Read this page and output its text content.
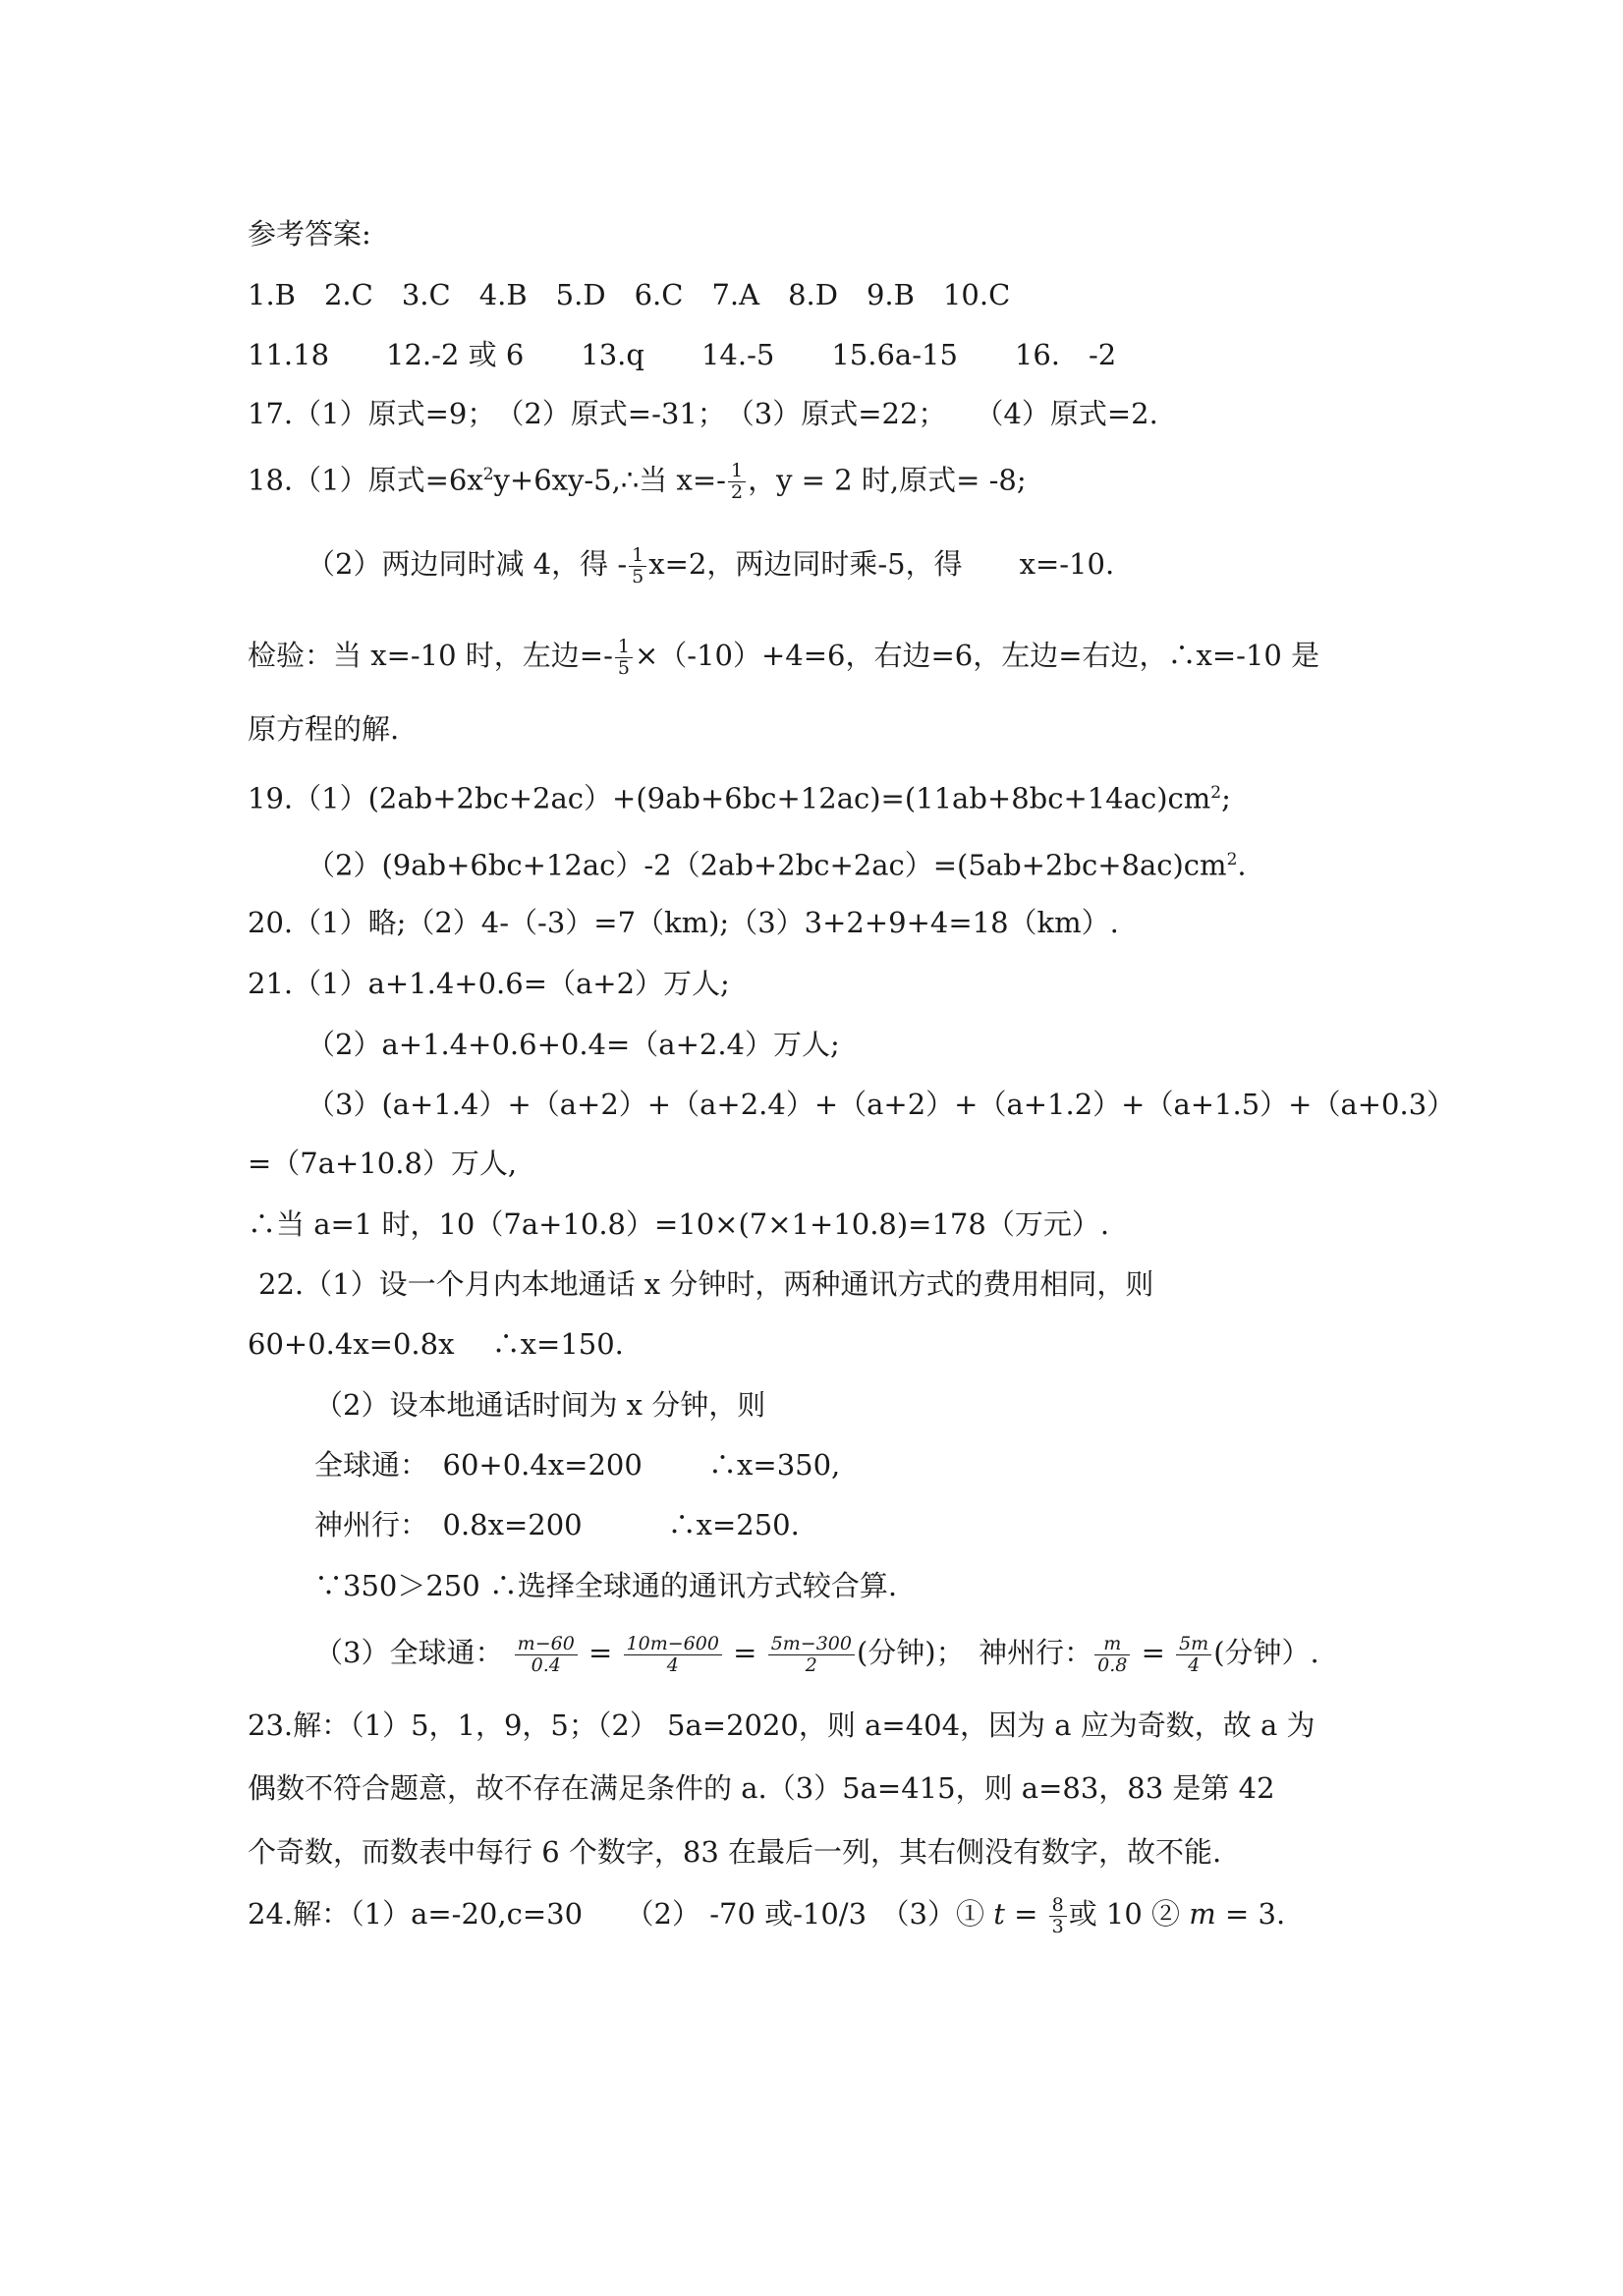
参考答案:
1.B　2.C　3.C　4.B　5.D　6.C　7.A　8.D　9.B　10.C
11.18　　12.-2 或 6　　13.q　　14.-5　　15.6a-15　　16.　-2
17.（1）原式=9；　（2）原式=-31；　（3）原式=22；　　（4）原式=2.
18.（1）原式$=6x^2y+6xy-5,\therefore$当 $x=- \frac{1}{2}$ ，y = 2 时,原式= -8;
（2）两边同时减 4，得 - $\frac{1}{5} x=2$，两边同时乘-5，得　　x=-10.
检验：当 x=-10 时，左边=- $\frac{1}{5} \times(-10)+4=6$，右边=6，左边=右边，∴x=-10 是
原方程的解.
$19.(1)(2ab+2bc+2ac)+(9ab+6bc+12ac)=(11ab+8bc+14ac)cm^2$;
$(2)(9ab+6bc+12ac)-2(2ab+2bc+2ac)=(5ab+2bc+8ac)cm^2$.
20.（1）略;（2）4-（-3）=7（km);（3）3+2+9+4=18（km）.
21.（1）a+1.4+0.6=（a+2）万人;
（2）a+1.4+0.6+0.4=（a+2.4）万人;
（3）(a+1.4）+（a+2）+（a+2.4）+（a+2）+（a+1.2）+（a+1.5）+（a+0.3）
=（7a+10.8）万人,
∴当 a=1 时，10（7a+10.8）=10×(7×1+10.8)=178（万元）.
22.（1）设一个月内本地通话 x 分钟时，两种通讯方式的费用相同，则
60+0.4x=0.8x　 ∴x=150.
（2）设本地通话时间为 x 分钟，则
全球通：　60+0.4x=200　　 ∴x=350,
神州行：　0.8x=200　　　∴x=250.
∵350＞250 ∴选择全球通的通讯方式较合算.
（3）全球通： $\frac{m-60}{0.4} = \frac{10m-600}{4} = \frac{5m-300}{2}$ (分钟)；　神州行： $\frac{m}{0.8} = \frac{5m}{4}$ (分钟）.
23.解：（1）5，1，9，5；（2） 5a=2020，则 a=404，因为 a 应为奇数，故 a 为
偶数不符合题意，故不存在满足条件的 a.（3）5a=415，则 a=83，83 是第 42
个奇数，而数表中每行 6 个数字，83 在最后一列，其右侧没有数字，故不能.
24.解：（1）a=-20,c=30　　（2） -70 或-10/3　（3）① $t = \frac{8}{3}$ 或 10 ② m = 3.
